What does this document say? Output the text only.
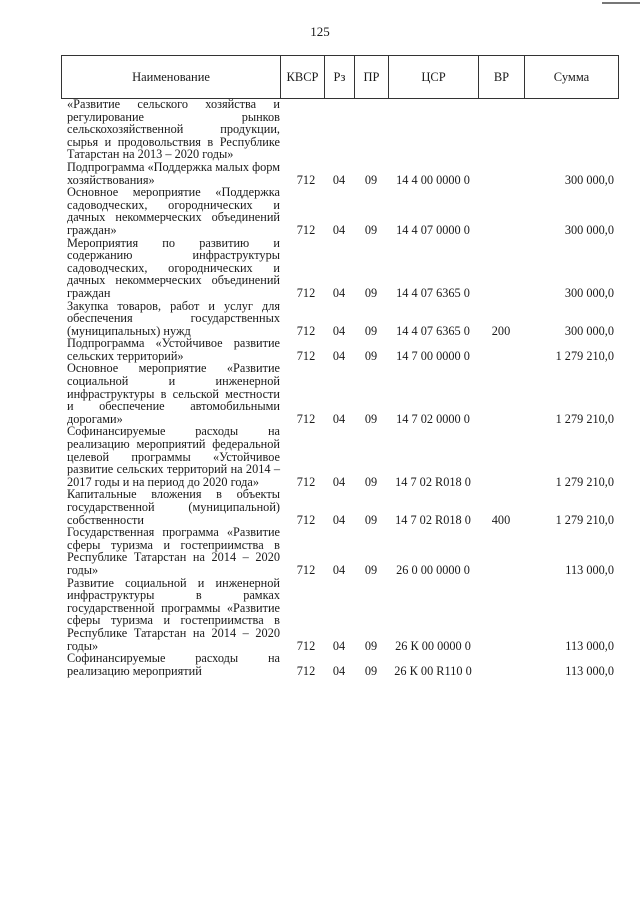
125
Наименование	КВСР	Рз	ПР	ЦСР	ВР	Сумма
«Развитие сельского хозяйства и регулирование рынков сельскохозяйственной продукции, сырья и продовольствия в Республике Татарстан на 2013 – 2020 годы»
Подпрограмма «Поддержка малых форм хозяйствования»	712	04	09	14 4 00 0000 0	300 000,0
Основное мероприятие «Поддержка садоводческих, огороднических и дачных некоммерческих объединений граждан»	712	04	09	14 4 07 0000 0	300 000,0
Мероприятия по развитию и содержанию инфраструктуры садоводческих, огороднических и дачных некоммерческих объединений граждан	712	04	09	14 4 07 6365 0	300 000,0
Закупка товаров, работ и услуг для обеспечения государственных (муниципальных) нужд	712	04	09	14 4 07 6365 0	200	300 000,0
Подпрограмма «Устойчивое развитие сельских территорий»	712	04	09	14 7 00 0000 0	1 279 210,0
Основное мероприятие «Развитие социальной и инженерной инфраструктуры в сельской местности и обеспечение автомобильными дорогами»	712	04	09	14 7 02 0000 0	1 279 210,0
Софинансируемые расходы на реализацию мероприятий федеральной целевой программы «Устойчивое развитие сельских территорий на 2014 – 2017 годы и на период до 2020 года»	712	04	09	14 7 02 R018 0	1 279 210,0
Капитальные вложения в объекты государственной (муниципальной) собственности	712	04	09	14 7 02 R018 0	400	1 279 210,0
Государственная программа «Развитие сферы туризма и гостеприимства в Республике Татарстан на 2014 – 2020 годы»	712	04	09	26 0 00 0000 0	113 000,0
Развитие социальной и инженерной инфраструктуры в рамках государственной программы «Развитие сферы туризма и гостеприимства в Республике Татарстан на 2014 – 2020 годы»	712	04	09	26 К 00 0000 0	113 000,0
Софинансируемые расходы на реализацию мероприятий	712	04	09	26 К 00 R110 0	113 000,0
